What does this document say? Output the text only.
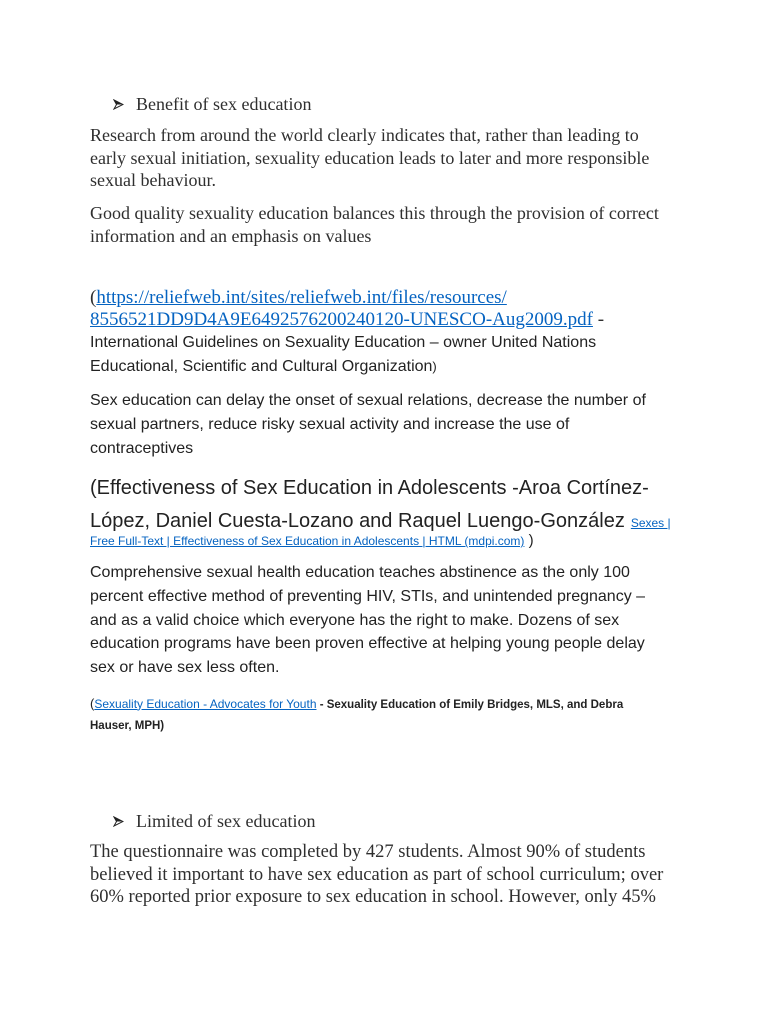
Benefit of sex education
Research from around the world clearly indicates that, rather than leading to
early sexual initiation, sexuality education leads to later and more responsible
sexual behaviour.
Good quality sexuality education balances this through the provision of correct
information and an emphasis on values
(https://reliefweb.int/sites/reliefweb.int/files/resources/
8556521DD9D4A9E6492576200240120-UNESCO-Aug2009.pdf -
International Guidelines on Sexuality Education – owner United Nations
Educational, Scientific and Cultural Organization)
Sex education can delay the onset of sexual relations, decrease the number of
sexual partners, reduce risky sexual activity and increase the use of
contraceptives
(Effectiveness of Sex Education in Adolescents -Aroa Cortínez-
López, Daniel Cuesta-Lozano and Raquel Luengo-González Sexes |
Free Full-Text | Effectiveness of Sex Education in Adolescents | HTML (mdpi.com) )
Comprehensive sexual health education teaches abstinence as the only 100
percent effective method of preventing HIV, STIs, and unintended pregnancy –
and as a valid choice which everyone has the right to make. Dozens of sex
education programs have been proven effective at helping young people delay
sex or have sex less often.
(Sexuality Education - Advocates for Youth - Sexuality Education of Emily Bridges, MLS, and Debra
Hauser, MPH)
Limited of sex education
The questionnaire was completed by 427 students. Almost 90% of students
believed it important to have sex education as part of school curriculum; over
60% reported prior exposure to sex education in school. However, only 45%
